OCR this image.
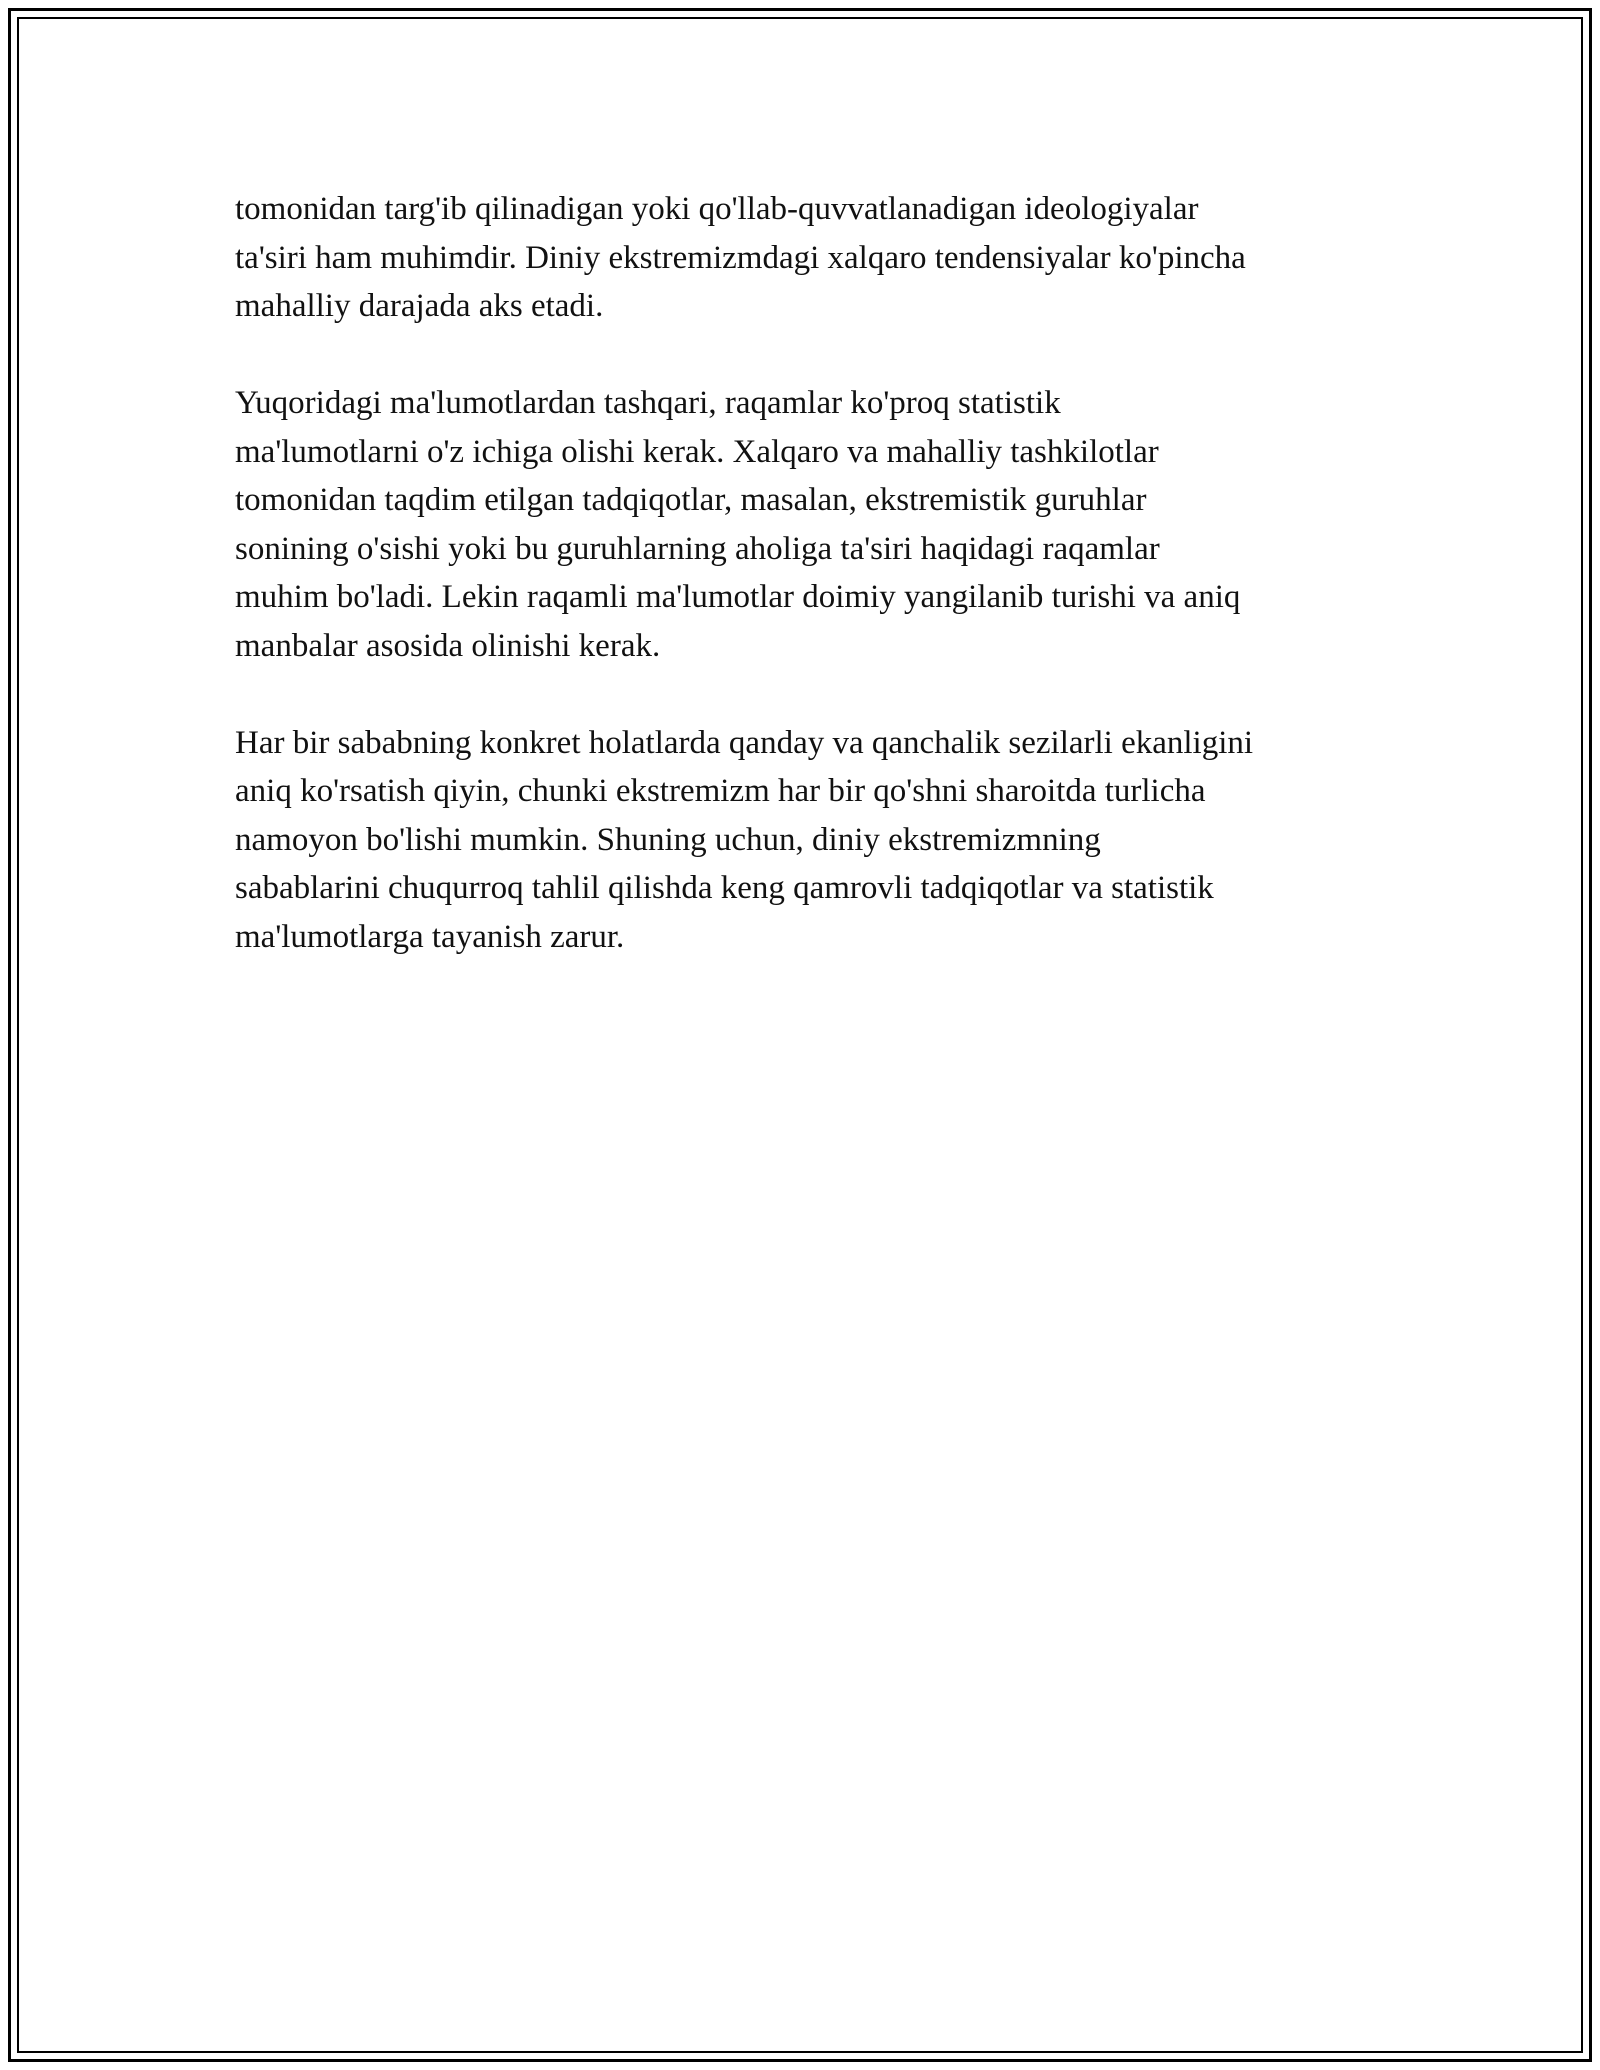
tomonidan targ'ib qilinadigan yoki qo'llab-quvvatlanadigan ideologiyalar
ta'siri ham muhimdir. Diniy ekstremizmdagi xalqaro tendensiyalar ko'pincha
mahalliy darajada aks etadi.

Yuqoridagi ma'lumotlardan tashqari, raqamlar ko'proq statistik
ma'lumotlarni o'z ichiga olishi kerak. Xalqaro va mahalliy tashkilotlar
tomonidan taqdim etilgan tadqiqotlar, masalan, ekstremistik guruhlar
sonining o'sishi yoki bu guruhlarning aholiga ta'siri haqidagi raqamlar
muhim bo'ladi. Lekin raqamli ma'lumotlar doimiy yangilanib turishi va aniq
manbalar asosida olinishi kerak.

Har bir sababning konkret holatlarda qanday va qanchalik sezilarli ekanligini
aniq ko'rsatish qiyin, chunki ekstremizm har bir qo'shni sharoitda turlicha
namoyon bo'lishi mumkin. Shuning uchun, diniy ekstremizmning
sabablarini chuqurroq tahlil qilishda keng qamrovli tadqiqotlar va statistik
ma'lumotlarga tayanish zarur.
